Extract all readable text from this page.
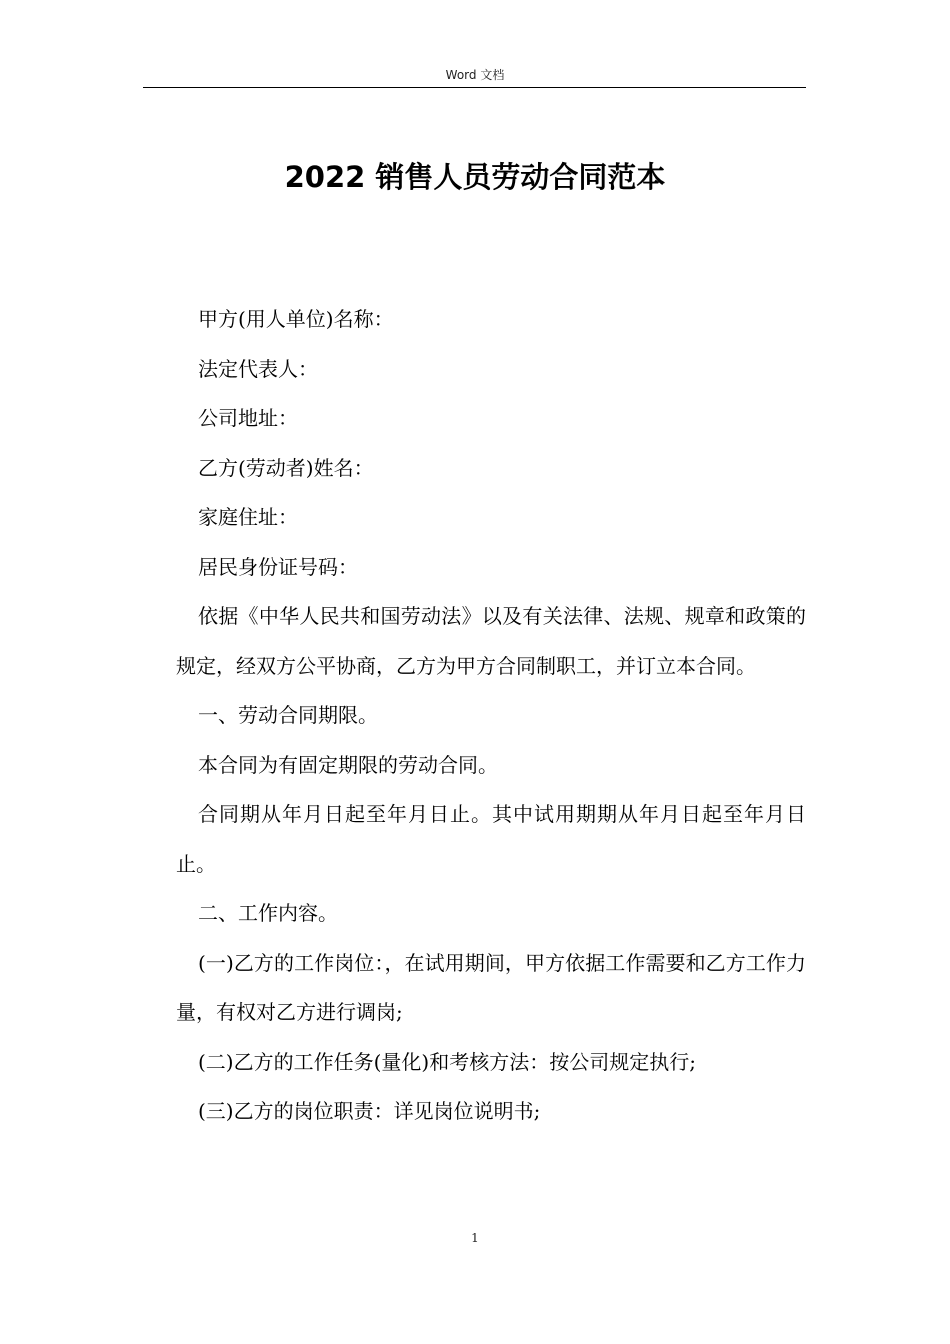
Word 文档
2022 销售人员劳动合同范本

甲方(用人单位)名称：

法定代表人：

公司地址：

乙方(劳动者)姓名：

家庭住址：

居民身份证号码：

依据《中华人民共和国劳动法》以及有关法律、法规、规章和政策的规定，经双方公平协商，乙方为甲方合同制职工，并订立本合同。

一、劳动合同期限。

本合同为有固定期限的劳动合同。

合同期从年月日起至年月日止。其中试用期期从年月日起至年月日止。

二、工作内容。

(一)乙方的工作岗位：，在试用期间，甲方依据工作需要和乙方工作力量，有权对乙方进行调岗;

(二)乙方的工作任务(量化)和考核方法：按公司规定执行;

(三)乙方的岗位职责：详见岗位说明书;

1
